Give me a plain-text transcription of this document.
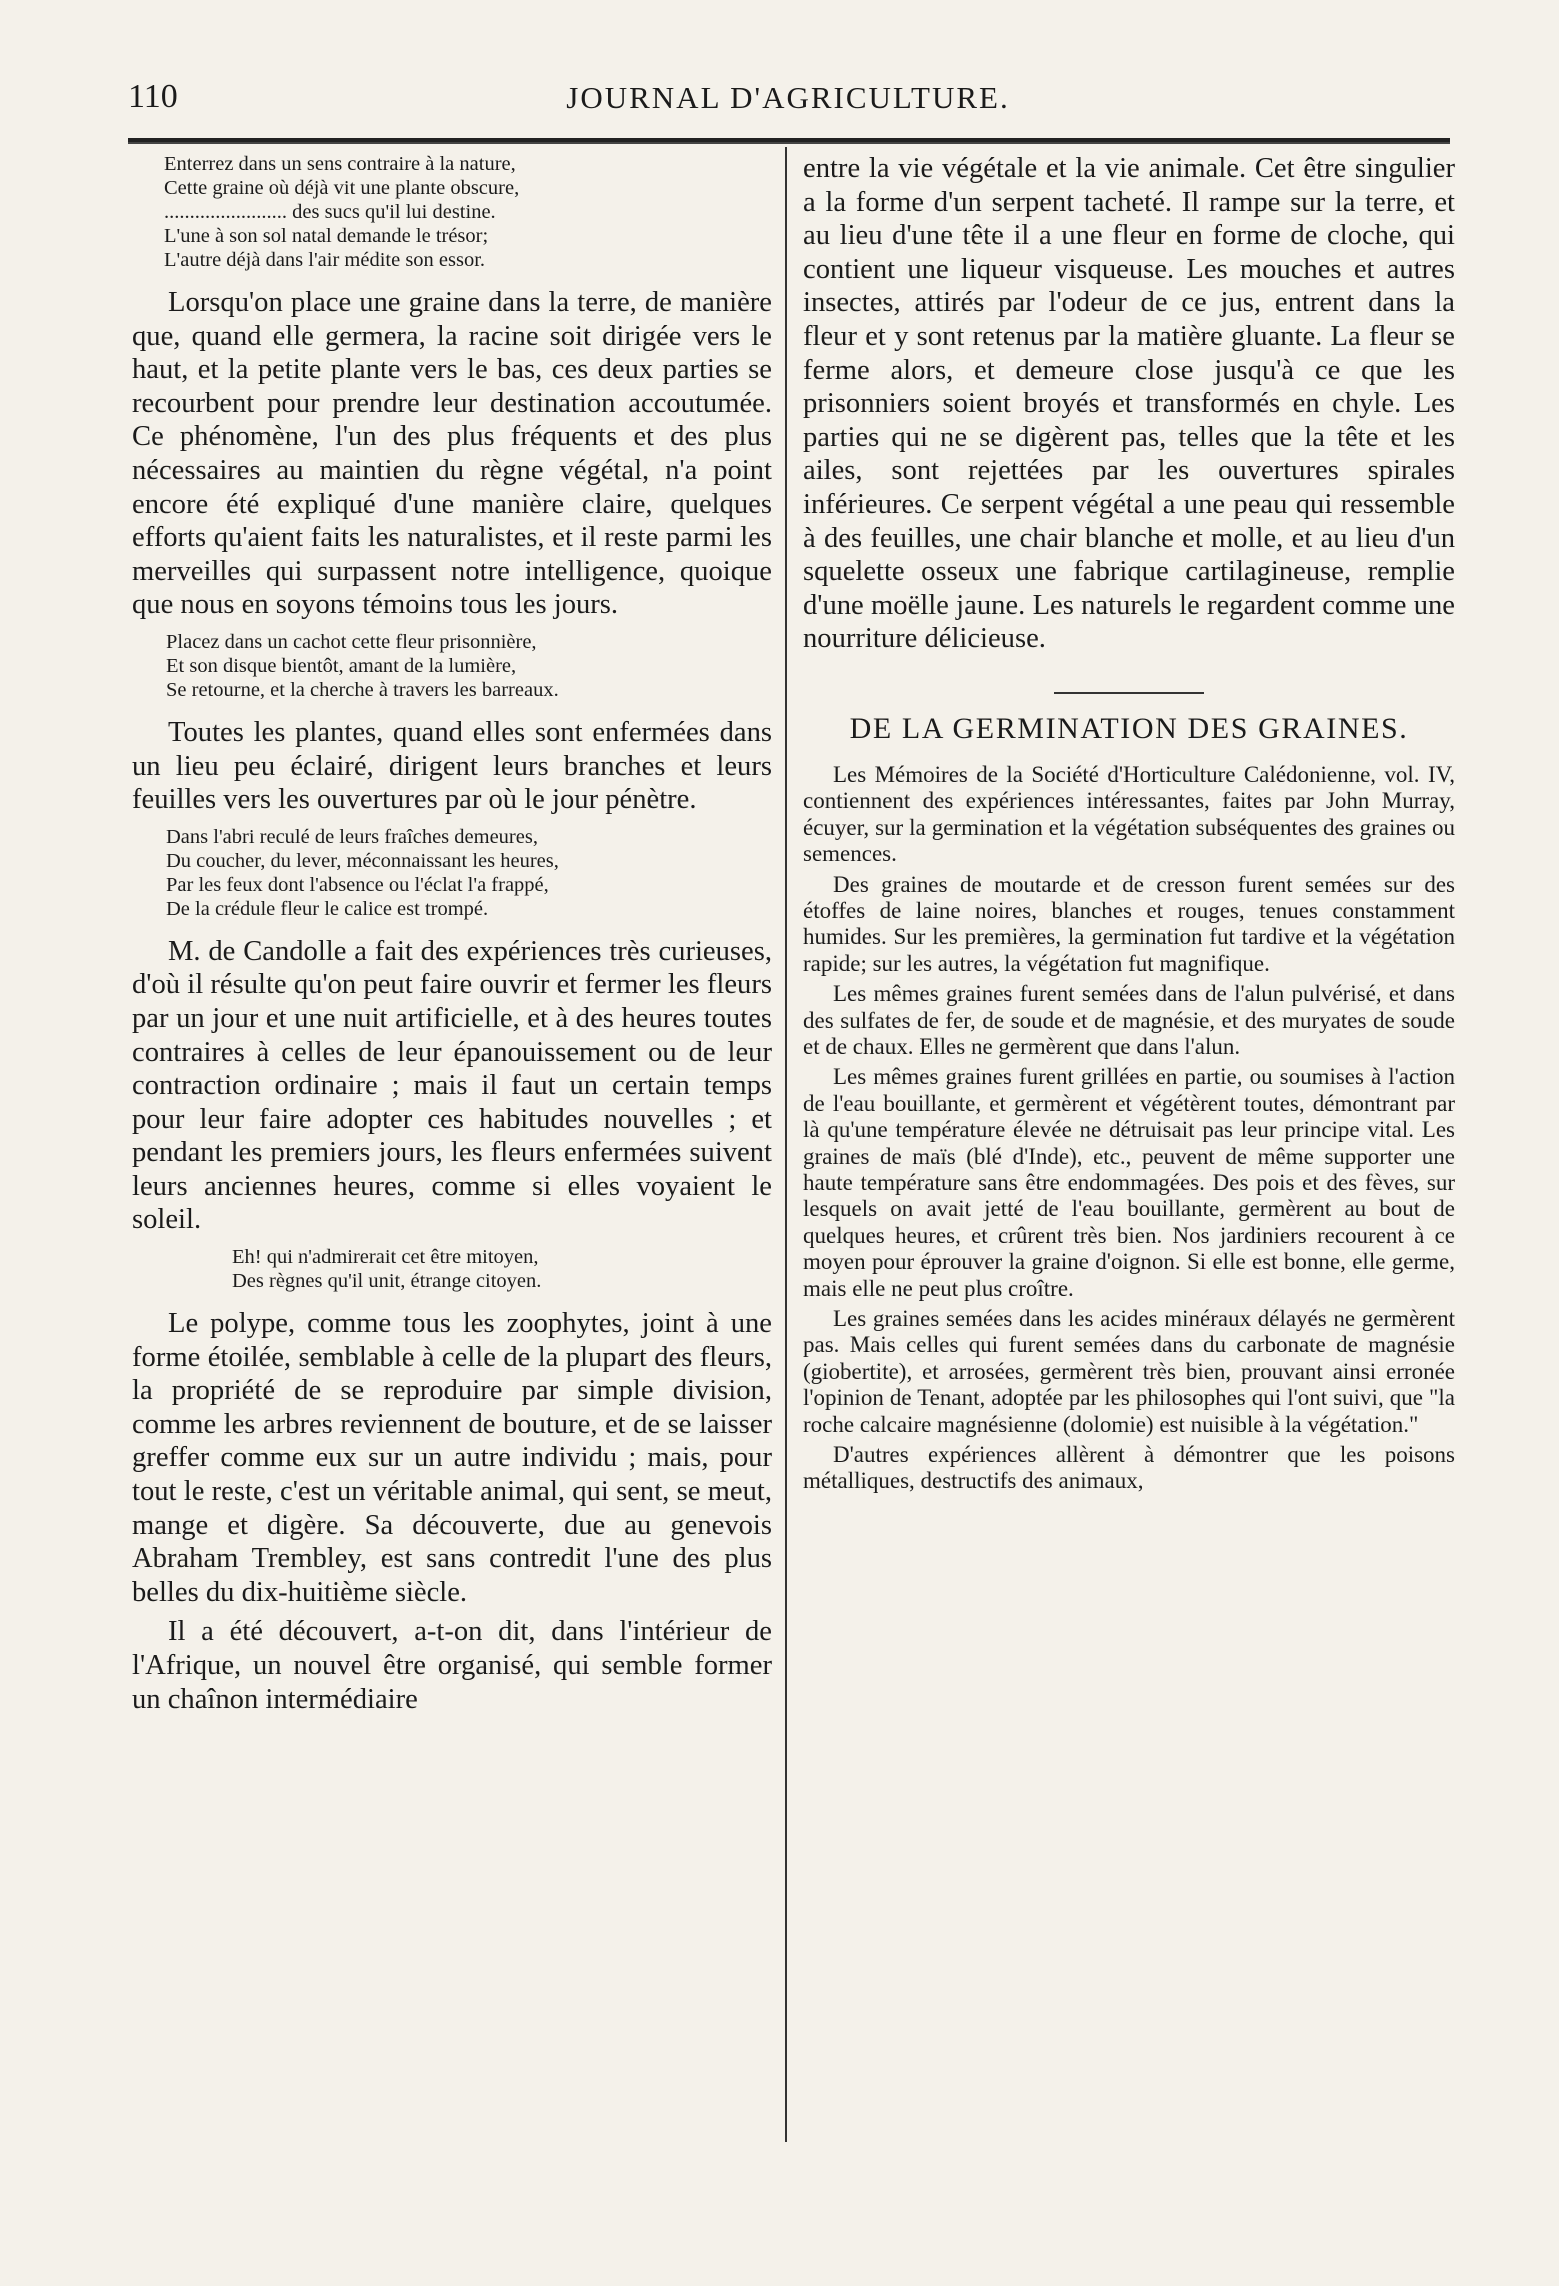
110	JOURNAL D'AGRICULTURE.
Enterrez dans un sens contraire à la nature,
Cette graine où déjà vit une plante obscure,
........................ des sucs qu'il lui destine.
L'une à son sol natal demande le trésor;
L'autre déjà dans l'air médite son essor.

Lorsqu'on place une graine dans la terre, de manière que, quand elle germera, la racine soit dirigée vers le haut, et la petite plante vers le bas, ces deux parties se recourbent pour prendre leur destination accoutumée. Ce phénomène, l'un des plus fréquents et des plus nécessaires au maintien du règne végétal, n'a point encore été expliqué d'une manière claire, quelques efforts qu'aient faits les naturalistes, et il reste parmi les merveilles qui surpassent notre intelligence, quoique que nous en soyons témoins tous les jours.

Placez dans un cachot cette fleur prisonnière,
Et son disque bientôt, amant de la lumière,
Se retourne, et la cherche à travers les barreaux.

Toutes les plantes, quand elles sont enfermées dans un lieu peu éclairé, dirigent leurs branches et leurs feuilles vers les ouvertures par où le jour pénètre.

Dans l'abri reculé de leurs fraîches demeures,
Du coucher, du lever, méconnaissant les heures,
Par les feux dont l'absence ou l'éclat l'a frappé,
De la crédule fleur le calice est trompé.

M. de Candolle a fait des expériences très curieuses, d'où il résulte qu'on peut faire ouvrir et fermer les fleurs par un jour et une nuit artificielle, et à des heures toutes contraires à celles de leur épanouissement ou de leur contraction ordinaire ; mais il faut un certain temps pour leur faire adopter ces habitudes nouvelles ; et pendant les premiers jours, les fleurs enfermées suivent leurs anciennes heures, comme si elles voyaient le soleil.

Eh! qui n'admirerait cet être mitoyen,
Des règnes qu'il unit, étrange citoyen.

Le polype, comme tous les zoophytes, joint à une forme étoilée, semblable à celle de la plupart des fleurs, la propriété de se reproduire par simple division, comme les arbres reviennent de bouture, et de se laisser greffer comme eux sur un autre individu ; mais, pour tout le reste, c'est un véritable animal, qui sent, se meut, mange et digère. Sa découverte, due au genevois Abraham Trembley, est sans contredit l'une des plus belles du dix-huitième siècle.

Il a été découvert, a-t-on dit, dans l'intérieur de l'Afrique, un nouvel être organisé, qui semble former un chaînon intermédiaire

entre la vie végétale et la vie animale. Cet être singulier a la forme d'un serpent tacheté. Il rampe sur la terre, et au lieu d'une tête il a une fleur en forme de cloche, qui contient une liqueur visqueuse. Les mouches et autres insectes, attirés par l'odeur de ce jus, entrent dans la fleur et y sont retenus par la matière gluante. La fleur se ferme alors, et demeure close jusqu'à ce que les prisonniers soient broyés et transformés en chyle. Les parties qui ne se digèrent pas, telles que la tête et les ailes, sont rejettées par les ouvertures spirales inférieures. Ce serpent végétal a une peau qui ressemble à des feuilles, une chair blanche et molle, et au lieu d'un squelette osseux une fabrique cartilagineuse, remplie d'une moëlle jaune. Les naturels le regardent comme une nourriture délicieuse.

DE LA GERMINATION DES GRAINES.

Les Mémoires de la Société d'Horticulture Calédonienne, vol. IV, contiennent des expériences intéressantes, faites par John Murray, écuyer, sur la germination et la végétation subséquentes des graines ou semences.

Des graines de moutarde et de cresson furent semées sur des étoffes de laine noires, blanches et rouges, tenues constamment humides. Sur les premières, la germination fut tardive et la végétation rapide; sur les autres, la végétation fut magnifique.

Les mêmes graines furent semées dans de l'alun pulvérisé, et dans des sulfates de fer, de soude et de magnésie, et des muryates de soude et de chaux. Elles ne germèrent que dans l'alun.

Les mêmes graines furent grillées en partie, ou soumises à l'action de l'eau bouillante, et germèrent et végétèrent toutes, démontrant par là qu'une température élevée ne détruisait pas leur principe vital. Les graines de maïs (blé d'Inde), etc., peuvent de même supporter une haute température sans être endommagées. Des pois et des fèves, sur lesquels on avait jetté de l'eau bouillante, germèrent au bout de quelques heures, et crûrent très bien. Nos jardiniers recourent à ce moyen pour éprouver la graine d'oignon. Si elle est bonne, elle germe, mais elle ne peut plus croître.

Les graines semées dans les acides minéraux délayés ne germèrent pas. Mais celles qui furent semées dans du carbonate de magnésie (giobertite), et arrosées, germèrent très bien, prouvant ainsi erronée l'opinion de Tenant, adoptée par les philosophes qui l'ont suivi, que "la roche calcaire magnésienne (dolomie) est nuisible à la végétation."

D'autres expériences allèrent à démontrer que les poisons métalliques, destructifs des animaux,
